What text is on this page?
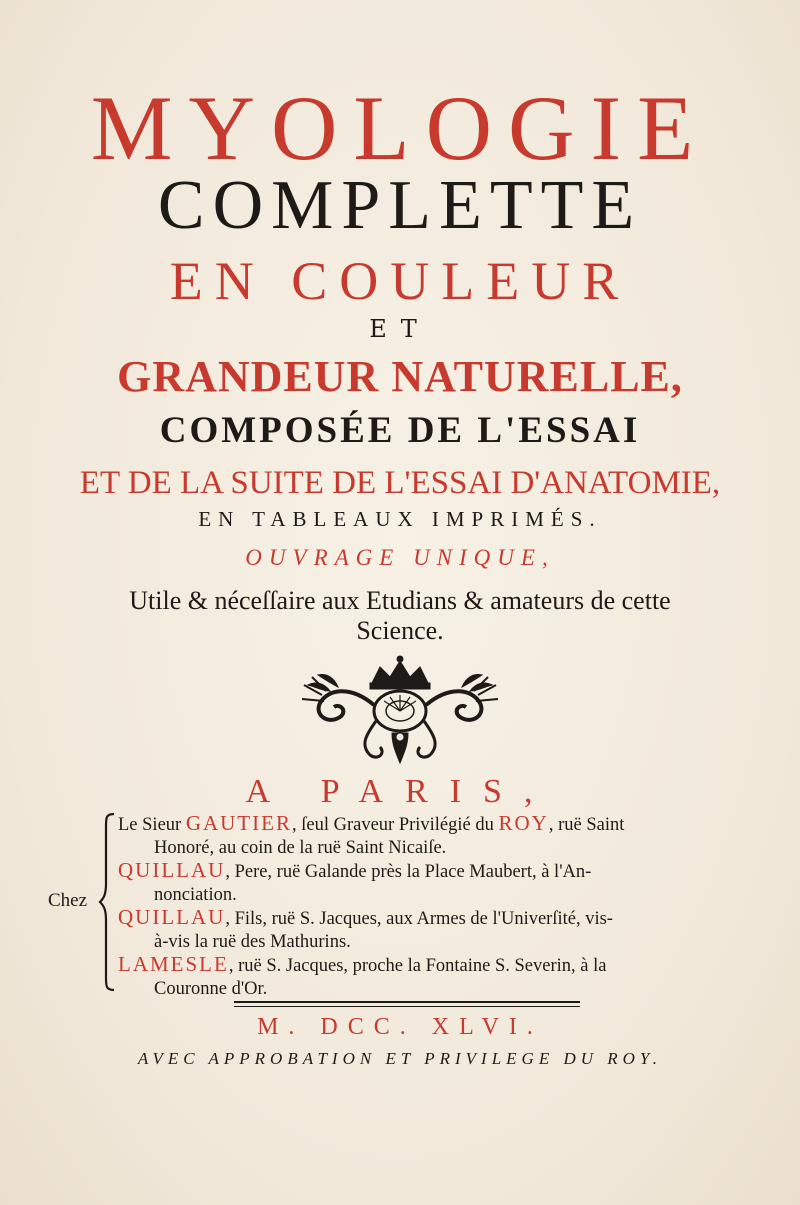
MYOLOGIE
COMPLETTE
EN COULEUR
ET
GRANDEUR NATURELLE,
COMPOSÉE DE L'ESSAI
ET DE LA SUITE DE L'ESSAI D'ANATOMIE,
EN TABLEAUX IMPRIMÉS.
OUVRAGE UNIQUE,
Utile & néceſſaire aux Etudians & amateurs de cette
Science.
A PARIS,
Chez
Le Sieur GAUTIER, ſeul Graveur Privilégié du ROY, ruë Saint
Honoré, au coin de la ruë Saint Nicaiſe.
QUILLAU, Pere, ruë Galande près la Place Maubert, à l'An-
nonciation.
QUILLAU, Fils, ruë S. Jacques, aux Armes de l'Univerſité, vis-
à-vis la ruë des Mathurins.
LAMESLE, ruë S. Jacques, proche la Fontaine S. Severin, à la
Couronne d'Or.
M. DCC. XLVI.
AVEC APPROBATION ET PRIVILEGE DU ROY.
